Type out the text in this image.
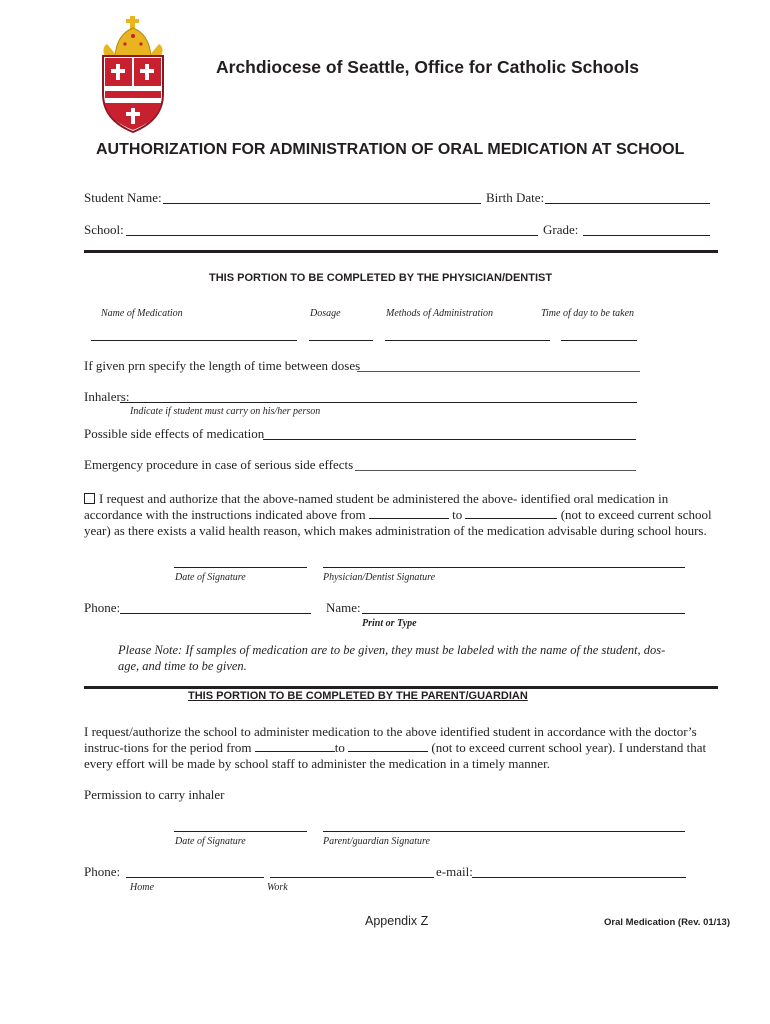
Archdiocese of Seattle, Office for Catholic Schools
AUTHORIZATION FOR ADMINISTRATION OF ORAL MEDICATION AT SCHOOL
Student Name:	Birth Date:
School:	Grade:
THIS PORTION TO BE COMPLETED BY THE PHYSICIAN/DENTIST
Name of Medication	Dosage	Methods of Administration	Time of day to be taken
If given prn specify the length of time between doses
Inhalers:
Indicate if student must carry on his/her person
Possible side effects of medication
Emergency procedure in case of serious side effects
I request and authorize that the above-named student be administered the above- identified oral medication in accordance with the instructions indicated above from	to	(not to exceed current school year) as there exists a valid health reason, which makes administration of the medication advisable during school hours.
Date of Signature	Physician/Dentist Signature
Phone:	Name:
Print or Type
Please Note: If samples of medication are to be given, they must be labeled with the name of the student, dos-age, and time to be given.
THIS PORTION TO BE COMPLETED BY THE PARENT/GUARDIAN
I request/authorize the school to administer medication to the above identified student in accordance with the doctor’s instruc-tions for the period from	to	(not to exceed current school year). I understand that every effort will be made by school staff to administer the medication in a timely manner.
Permission to carry inhaler
Date of Signature	Parent/guardian Signature
Phone:	e-mail:
Home	Work
Appendix Z	Oral Medication (Rev. 01/13)
